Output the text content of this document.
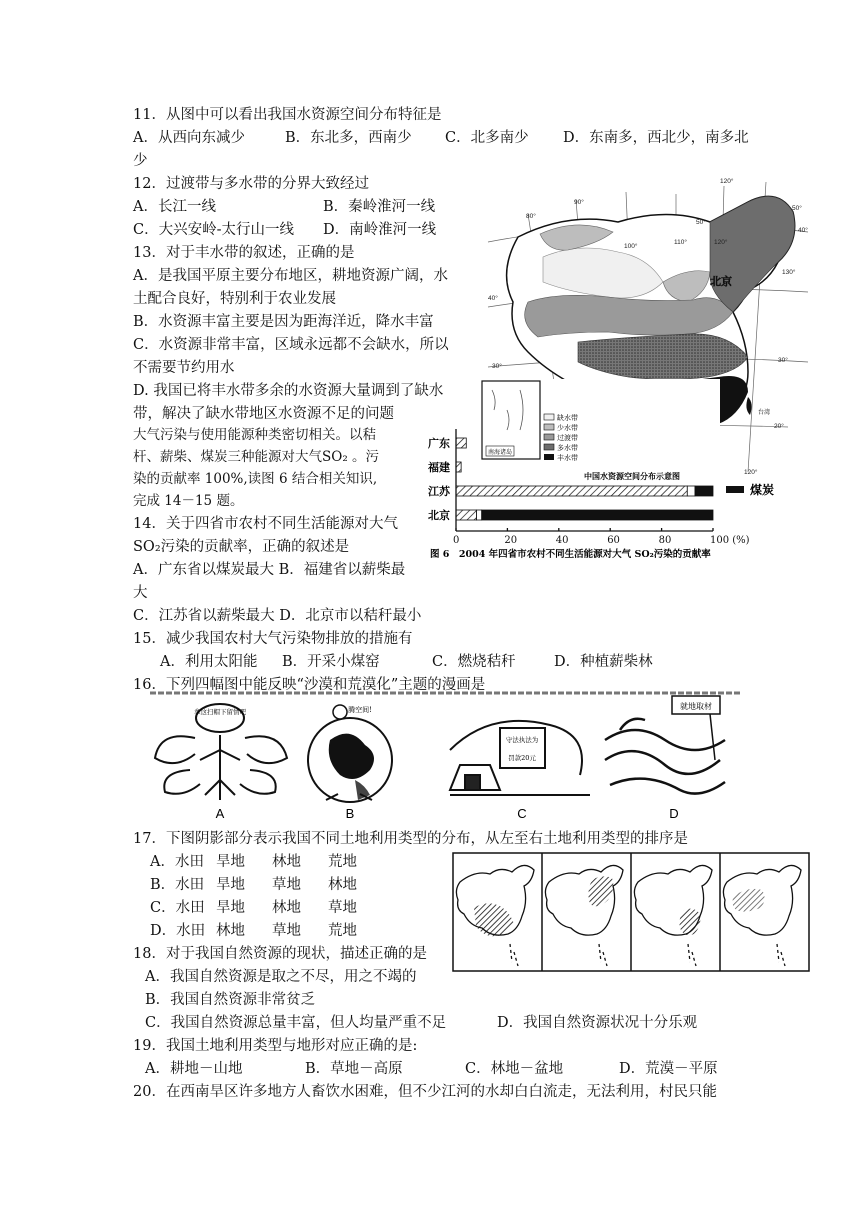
11．从图中可以看出我国水资源空间分布特征是
A．从西向东减少	B．东北多，西南少 C．北多南少 D．东南多，西北少，南多北
少
12．过渡带与多水带的分界大致经过
A．长江一线	B．秦岭淮河一线
C．大兴安岭-太行山一线 D．南岭淮河一线
13．对于丰水带的叙述，正确的是
A．是我国平原主要分布地区，耕地资源广阔，水
土配合良好，特别利于农业发展
B．水资源丰富主要是因为距海洋近，降水丰富
C．水资源非常丰富，区域永远都不会缺水，所以
不需要节约用水
D. 我国已将丰水带多余的水资源大量调到了缺水
带，解决了缺水带地区水资源不足的问题
大气污染与使用能源种类密切相关。以秸
杆、薪柴、煤炭三种能源对大气SO₂ 。污
染的贡献率 100%,读图 6 结合相关知识,
完成 14－15 题。
14．关于四省市农村不同生活能源对大气
SO₂污染的贡献率，正确的叙述是
A．广东省以煤炭最大 B．福建省以薪柴最
大
C．江苏省以薪柴最大 D．北京市以秸秆最小
15．减少我国农村大气污染物排放的措施有
A．利用太阳能 B．开采小煤窑	C．燃烧秸秆	D．种植薪柴林
16．下列四幅图中能反映“沙漠和荒漠化”主题的漫画是
拿这扫帽下留情吧
A
腾空间!
B
守法执法为
罚款20元
C
就地取材
D
17．下图阴影部分表示我国不同土地利用类型的分布，从左至右土地利用类型的排序是
A．水田 旱地 林地 荒地
B．水田 旱地 草地 林地
C．水田 旱地 林地 草地
D．水田 林地 草地 荒地
18．对于我国自然资源的现状，描述正确的是
A．我国自然资源是取之不尽，用之不竭的
B．我国自然资源非常贫乏
C．我国自然资源总量丰富，但人均量严重不足	D．我国自然资源状况十分乐观
19．我国土地利用类型与地形对应正确的是:
A．耕地－山地	B．草地－高原	C．林地－盆地	D．荒漠－平原
20．在西南旱区许多地方人畜饮水困难，但不少江河的水却白白流走，无法利用，村民只能
北京
120°
80°
90°
100°
110°	120°
130°
120°
50°
40°
30°
20°
50°
40°
30°
台湾
南海诸岛
缺水带
少水带
过渡带
多水带
丰水带
中国水资源空间分布示意图
广东
福建
江苏
北京
0	20	40	60	80	100 (%)
煤炭
图 6　2004 年四省市农村不同生活能源对大气 SO₂污染的贡献率
